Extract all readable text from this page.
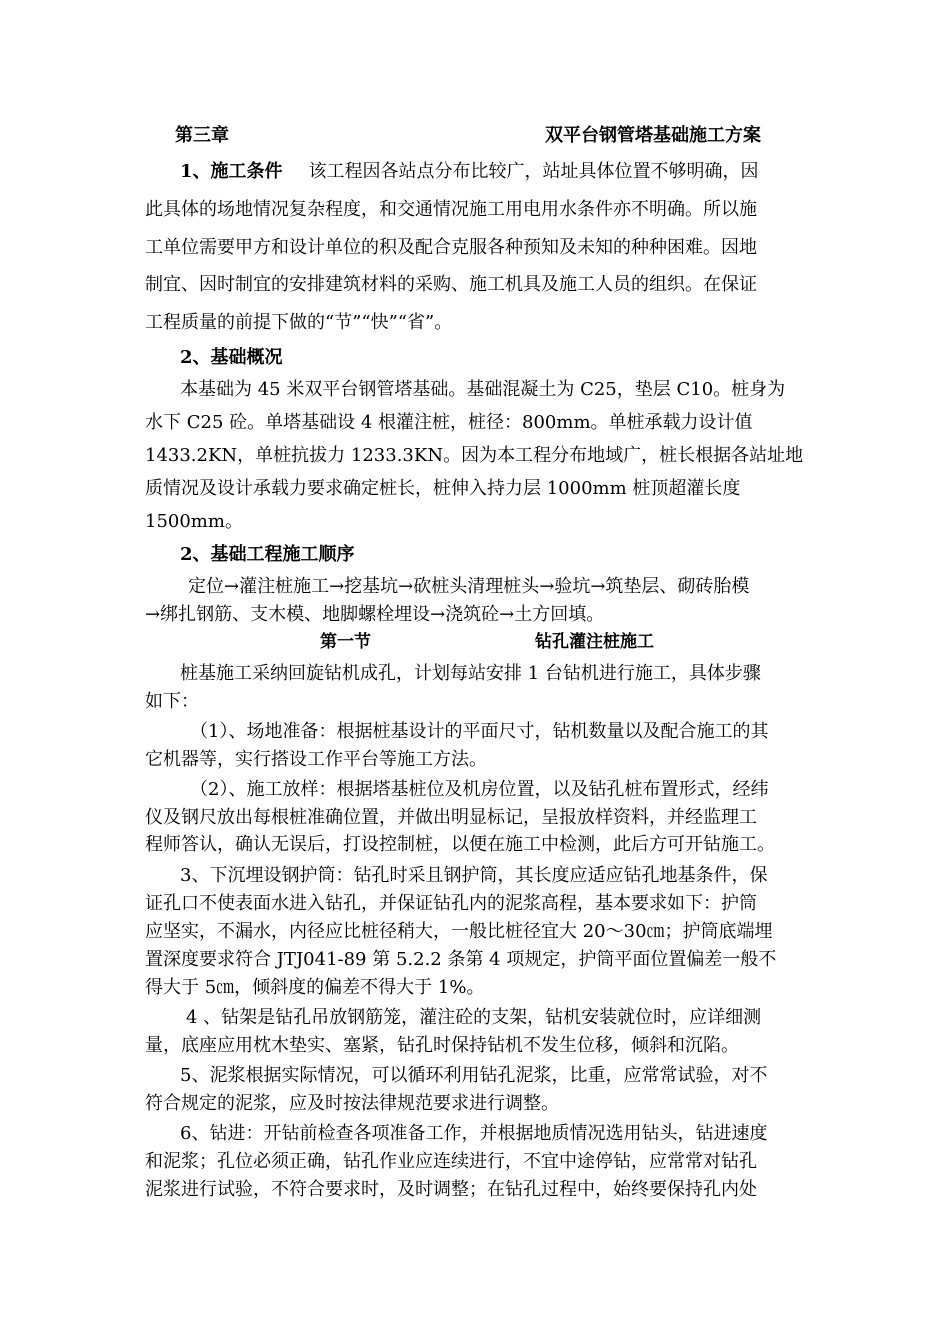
第三章	双平台钢管塔基础施工方案
1、施工条件 该工程因各站点分布比较广，站址具体位置不够明确，因
此具体的场地情况复杂程度，和交通情况施工用电用水条件亦不明确。所以施
工单位需要甲方和设计单位的积及配合克服各种预知及未知的种种困难。因地
制宜、因时制宜的安排建筑材料的采购、施工机具及施工人员的组织。在保证
工程质量的前提下做的“节”“快”“省”。
2、基础概况
本基础为 45 米双平台钢管塔基础。基础混凝土为 C25，垫层 C10。桩身为
水下 C25 砼。单塔基础设 4 根灌注桩，桩径：800mm。单桩承载力设计值
1433.2KN，单桩抗拔力 1233.3KN。因为本工程分布地域广，桩长根据各站址地
质情况及设计承载力要求确定桩长，桩伸入持力层 1000mm 桩顶超灌长度
1500mm。
2、基础工程施工顺序
定位→灌注桩施工→挖基坑→砍桩头清理桩头→验坑→筑垫层、砌砖胎模
→绑扎钢筋、支木模、地脚螺栓埋设→浇筑砼→土方回填。
第一节	钻孔灌注桩施工
桩基施工采纳回旋钻机成孔，计划每站安排 1 台钻机进行施工，具体步骤
如下：
（1）、场地准备：根据桩基设计的平面尺寸，钻机数量以及配合施工的其
它机器等，实行搭设工作平台等施工方法。
（2）、施工放样：根据塔基桩位及机房位置，以及钻孔桩布置形式，经纬
仪及钢尺放出每根桩准确位置，并做出明显标记，呈报放样资料，并经监理工
程师答认，确认无误后，打设控制桩，以便在施工中检测，此后方可开钻施工。
3、下沉埋设钢护筒：钻孔时采且钢护筒，其长度应适应钻孔地基条件，保
证孔口不使表面水进入钻孔，并保证钻孔内的泥浆高程，基本要求如下：护筒
应坚实，不漏水，内径应比桩径稍大，一般比桩径宜大 20～30㎝；护筒底端埋
置深度要求符合 JTJ041-89 第 5.2.2 条第 4 项规定，护筒平面位置偏差一般不
得大于 5㎝，倾斜度的偏差不得大于 1%。
4 、钻架是钻孔吊放钢筋笼，灌注砼的支架，钻机安装就位时，应详细测
量，底座应用枕木垫实、塞紧，钻孔时保持钻机不发生位移，倾斜和沉陷。
5、泥浆根据实际情况，可以循环利用钻孔泥浆，比重，应常常试验，对不
符合规定的泥浆，应及时按法律规范要求进行调整。
6、钻进：开钻前检查各项准备工作，并根据地质情况选用钻头，钻进速度
和泥浆；孔位必须正确，钻孔作业应连续进行，不宜中途停钻，应常常对钻孔
泥浆进行试验，不符合要求时，及时调整；在钻孔过程中，始终要保持孔内处
